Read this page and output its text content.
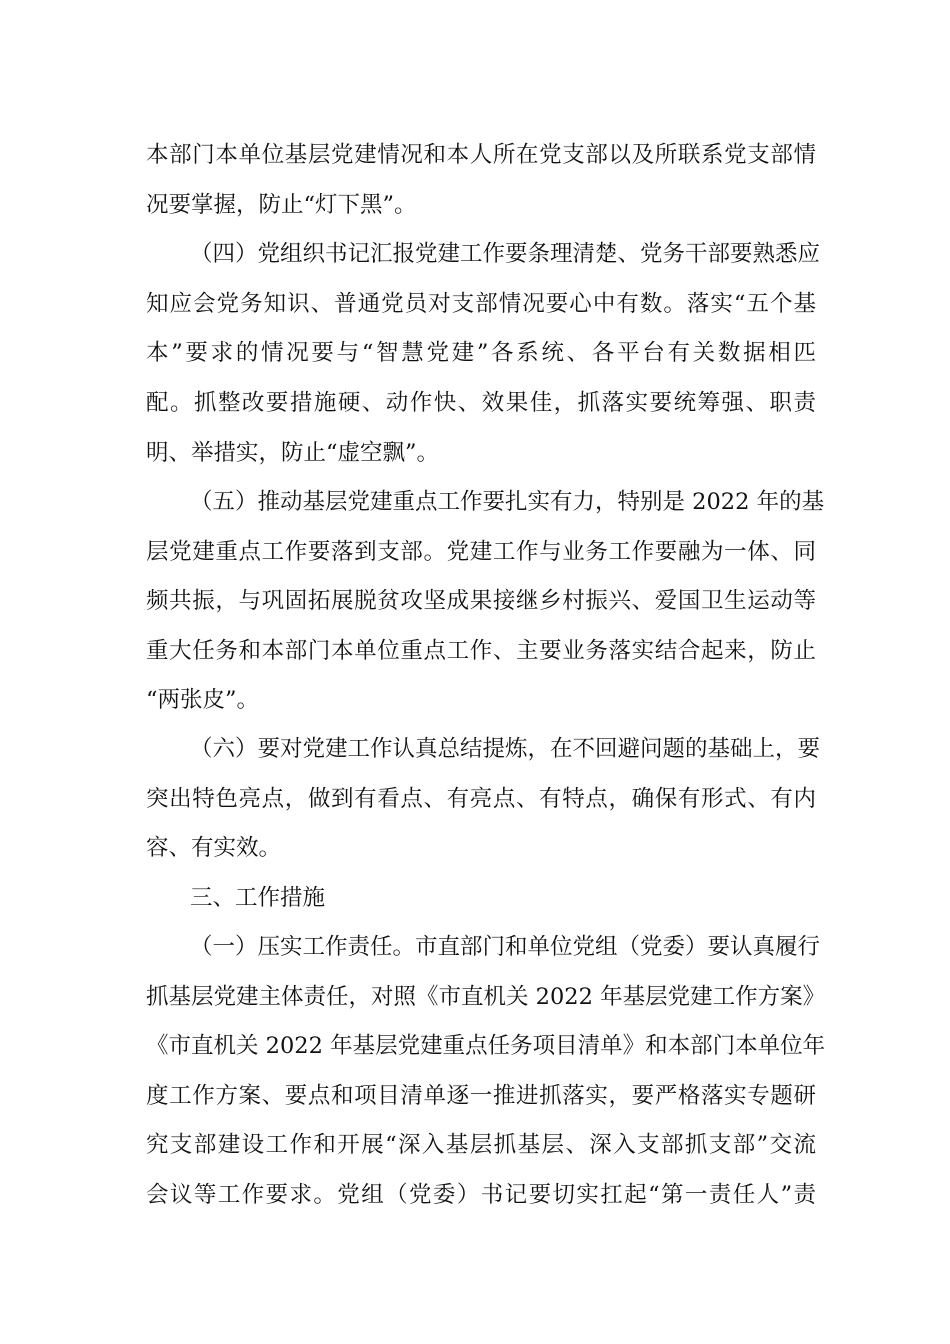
本部门本单位基层党建情况和本人所在党支部以及所联系党支部情
况要掌握，防止“灯下黑”。
（四）党组织书记汇报党建工作要条理清楚、党务干部要熟悉应
知应会党务知识、普通党员对支部情况要心中有数。落实“五个基
本”要求的情况要与“智慧党建”各系统、各平台有关数据相匹
配。抓整改要措施硬、动作快、效果佳，抓落实要统筹强、职责
明、举措实，防止“虚空飘”。
（五）推动基层党建重点工作要扎实有力，特别是 2022 年的基
层党建重点工作要落到支部。党建工作与业务工作要融为一体、同
频共振，与巩固拓展脱贫攻坚成果接继乡村振兴、爱国卫生运动等
重大任务和本部门本单位重点工作、主要业务落实结合起来，防止
“两张皮”。
（六）要对党建工作认真总结提炼，在不回避问题的基础上，要
突出特色亮点，做到有看点、有亮点、有特点，确保有形式、有内
容、有实效。
三、工作措施
（一）压实工作责任。市直部门和单位党组（党委）要认真履行
抓基层党建主体责任，对照《市直机关 2022 年基层党建工作方案》
《市直机关 2022 年基层党建重点任务项目清单》和本部门本单位年
度工作方案、要点和项目清单逐一推进抓落实，要严格落实专题研
究支部建设工作和开展“深入基层抓基层、深入支部抓支部”交流
会议等工作要求。党组（党委）书记要切实扛起“第一责任人”责
